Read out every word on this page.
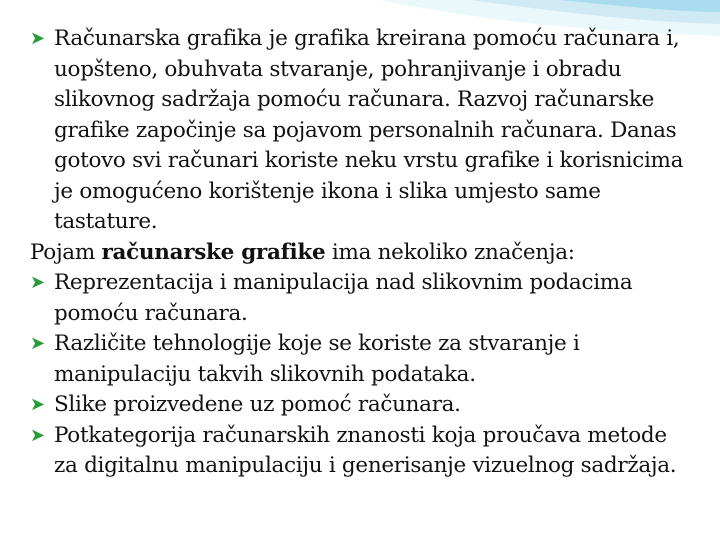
➤ Računarska grafika je grafika kreirana pomoću računara i, uopšteno, obuhvata stvaranje, pohranjivanje i obradu slikovnog sadržaja pomoću računara. Razvoj računarske grafike započinje sa pojavom personalnih računara. Danas gotovo svi računari koriste neku vrstu grafike i korisnicima je omogućeno korištenje ikona i slika umjesto same tastature.

Pojam računarske grafike ima nekoliko značenja:

➤ Reprezentacija i manipulacija nad slikovnim podacima pomoću računara.

➤ Različite tehnologije koje se koriste za stvaranje i manipulaciju takvih slikovnih podataka.

➤ Slike proizvedene uz pomoć računara.

➤ Potkategorija računarskih znanosti koja proučava metode za digitalnu manipulaciju i generisanje vizuelnog sadržaja.
